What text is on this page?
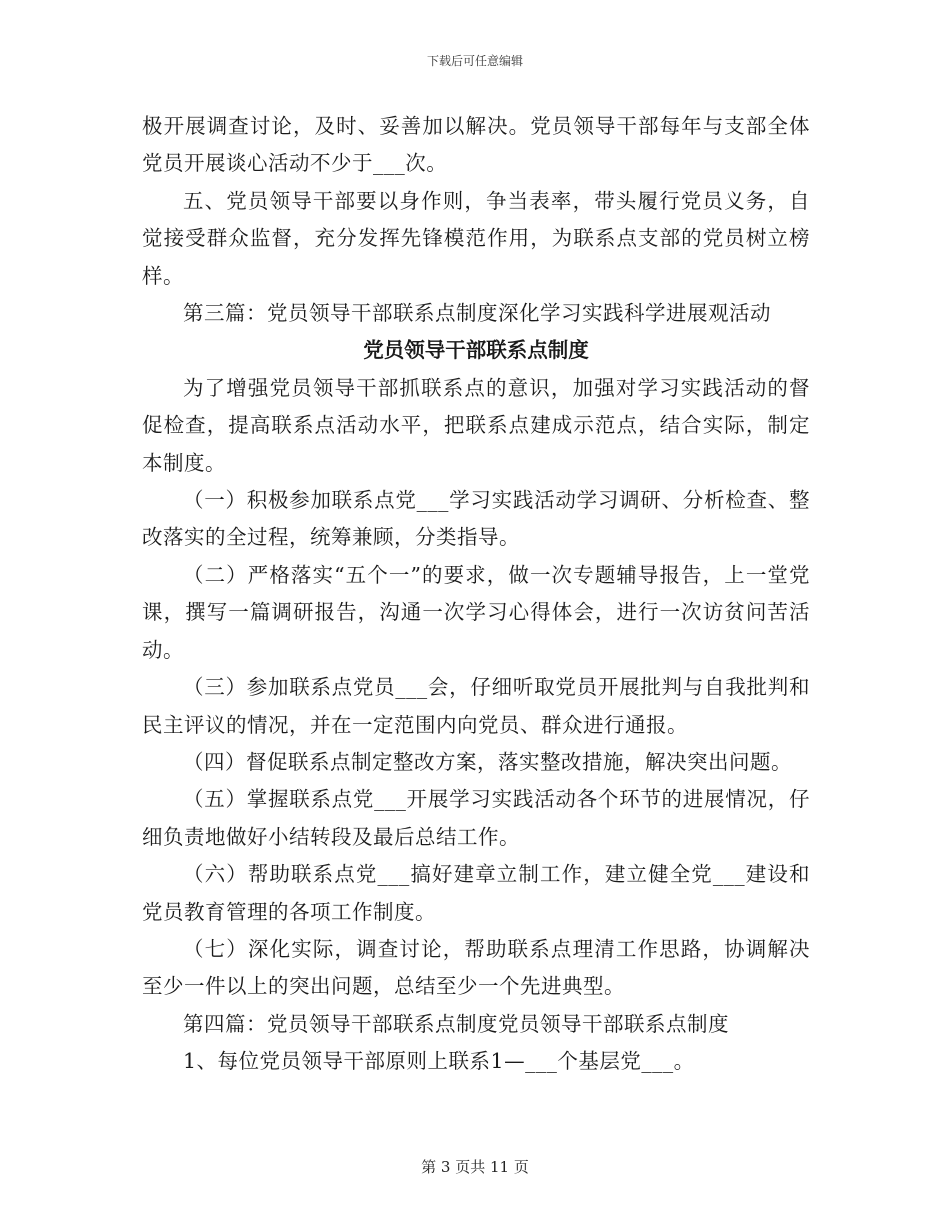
下载后可任意编辑

极开展调查讨论，及时、妥善加以解决。党员领导干部每年与支部全体党员开展谈心活动不少于___次。

五、党员领导干部要以身作则，争当表率，带头履行党员义务，自觉接受群众监督，充分发挥先锋模范作用，为联系点支部的党员树立榜样。

第三篇：党员领导干部联系点制度深化学习实践科学进展观活动

党员领导干部联系点制度

为了增强党员领导干部抓联系点的意识，加强对学习实践活动的督促检查，提高联系点活动水平，把联系点建成示范点，结合实际，制定本制度。

（一）积极参加联系点党___学习实践活动学习调研、分析检查、整改落实的全过程，统筹兼顾，分类指导。

（二）严格落实“五个一”的要求，做一次专题辅导报告，上一堂党课，撰写一篇调研报告，沟通一次学习心得体会，进行一次访贫问苦活动。

（三）参加联系点党员___会，仔细听取党员开展批判与自我批判和民主评议的情况，并在一定范围内向党员、群众进行通报。

（四）督促联系点制定整改方案，落实整改措施，解决突出问题。

（五）掌握联系点党___开展学习实践活动各个环节的进展情况，仔细负责地做好小结转段及最后总结工作。

（六）帮助联系点党___搞好建章立制工作，建立健全党___建设和党员教育管理的各项工作制度。

（七）深化实际，调查讨论，帮助联系点理清工作思路，协调解决至少一件以上的突出问题，总结至少一个先进典型。

第四篇：党员领导干部联系点制度党员领导干部联系点制度

1、每位党员领导干部原则上联系1—___个基层党___。

第 3 页共 11 页
